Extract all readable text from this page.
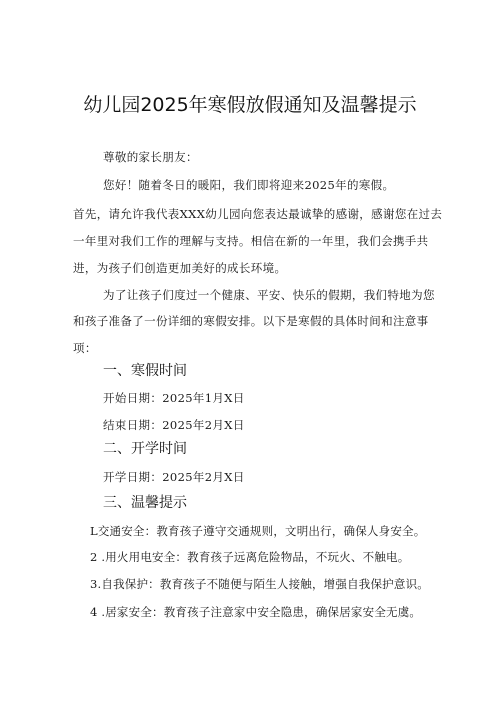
幼儿园2025年寒假放假通知及温馨提示
尊敬的家长朋友：
您好！随着冬日的暖阳，我们即将迎来2025年的寒假。
首先，请允许我代表XXX幼儿园向您表达最诚挚的感谢，感谢您在过去
一年里对我们工作的理解与支持。相信在新的一年里，我们会携手共
进，为孩子们创造更加美好的成长环境。
为了让孩子们度过一个健康、平安、快乐的假期，我们特地为您
和孩子准备了一份详细的寒假安排。以下是寒假的具体时间和注意事
项：
一、寒假时间
开始日期：2025年1月X日
结束日期：2025年2月X日
二、开学时间
开学日期：2025年2月X日
三、温馨提示
L交通安全：教育孩子遵守交通规则，文明出行，确保人身安全。
2 .用火用电安全：教育孩子远离危险物品，不玩火、不触电。
3.自我保护：教育孩子不随便与陌生人接触，增强自我保护意识。
4 .居家安全：教育孩子注意家中安全隐患，确保居家安全无虞。
